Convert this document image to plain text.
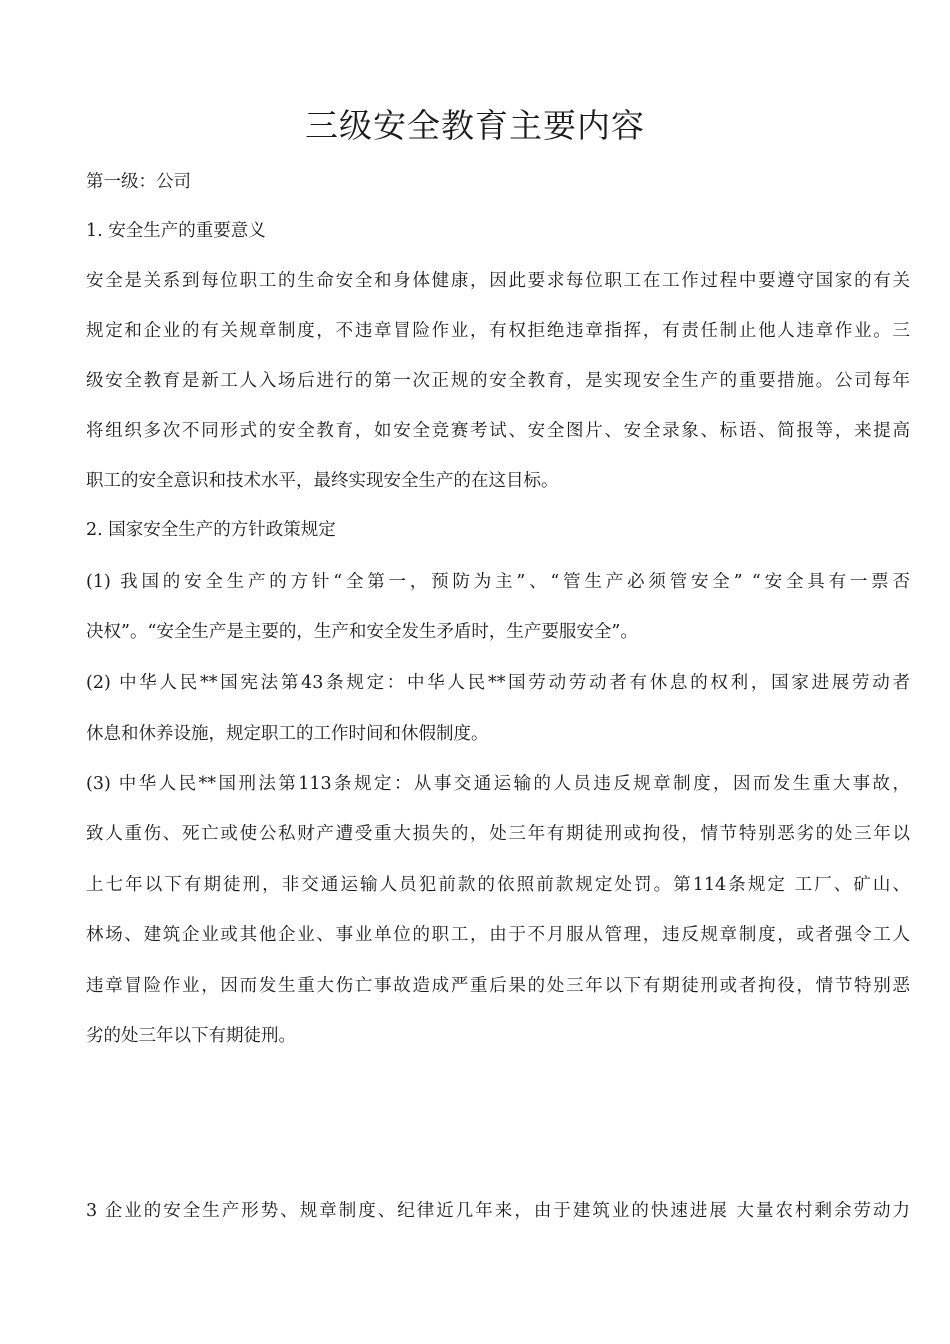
三级安全教育主要内容

第一级：公司

1. 安全生产的重要意义

安全是关系到每位职工的生命安全和身体健康，因此要求每位职工在工作过程中要遵守国家的有关

规定和企业的有关规章制度，不违章冒险作业，有权拒绝违章指挥，有责任制止他人违章作业。三

级安全教育是新工人入场后进行的第一次正规的安全教育，是实现安全生产的重要措施。公司每年

将组织多次不同形式的安全教育，如安全竞赛考试、安全图片、安全录象、标语、简报等，来提高

职工的安全意识和技术水平，最终实现安全生产的在这目标。

2. 国家安全生产的方针政策规定

(1) 我国的安全生产的方针“全第一，预防为主”、“管生产必须管安全” “安全具有一票否

决权”。“安全生产是主要的，生产和安全发生矛盾时，生产要服安全”。

(2) 中华人民**国宪法第43条规定：中华人民**国劳动劳动者有休息的权利，国家进展劳动者

休息和休养设施，规定职工的工作时间和休假制度。

(3) 中华人民**国刑法第113条规定：从事交通运输的人员违反规章制度，因而发生重大事故，

致人重伤、死亡或使公私财产遭受重大损失的，处三年有期徒刑或拘役，情节特别恶劣的处三年以

上七年以下有期徒刑，非交通运输人员犯前款的依照前款规定处罚。第114条规定 工厂、矿山、

林场、建筑企业或其他企业、事业单位的职工，由于不月服从管理，违反规章制度，或者强令工人

违章冒险作业，因而发生重大伤亡事故造成严重后果的处三年以下有期徒刑或者拘役，情节特别恶

劣的处三年以下有期徒刑。

3 企业的安全生产形势、规章制度、纪律近几年来，由于建筑业的快速进展 大量农村剩余劳动力
